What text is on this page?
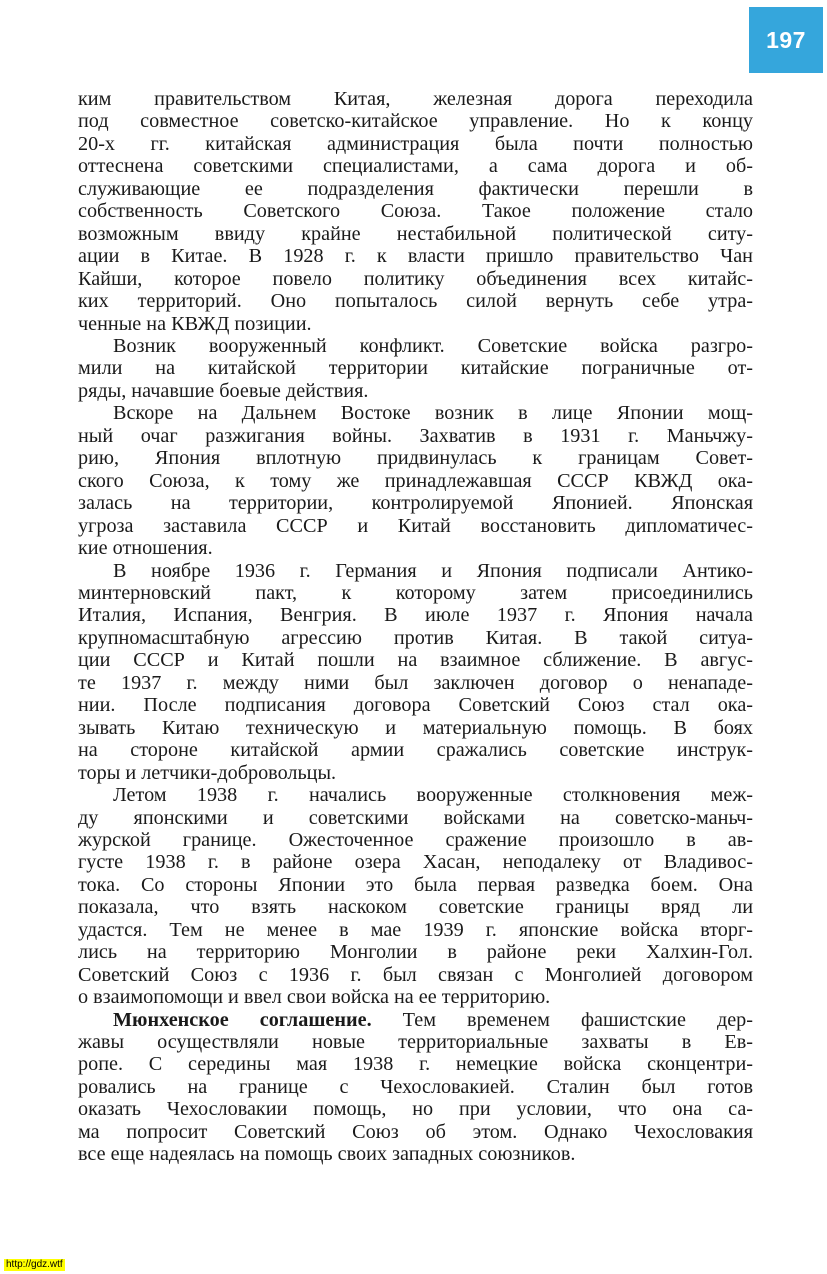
197
ким правительством Китая, железная дорога переходила
под совместное советско-китайское управление. Но к концу
20-х гг. китайская администрация была почти полностью
оттеснена советскими специалистами, а сама дорога и об-
служивающие ее подразделения фактически перешли в
собственность Советского Союза. Такое положение стало
возможным ввиду крайне нестабильной политической ситу-
ации в Китае. В 1928 г. к власти пришло правительство Чан
Кайши, которое повело политику объединения всех китайс-
ких территорий. Оно попыталось силой вернуть себе утра-
ченные на КВЖД позиции.
Возник вооруженный конфликт. Советские войска разгро-
мили на китайской территории китайские пограничные от-
ряды, начавшие боевые действия.
Вскоре на Дальнем Востоке возник в лице Японии мощ-
ный очаг разжигания войны. Захватив в 1931 г. Маньчжу-
рию, Япония вплотную придвинулась к границам Совет-
ского Союза, к тому же принадлежавшая СССР КВЖД ока-
залась на территории, контролируемой Японией. Японская
угроза заставила СССР и Китай восстановить дипломатичес-
кие отношения.
В ноябре 1936 г. Германия и Япония подписали Антико-
минтерновский пакт, к которому затем присоединились
Италия, Испания, Венгрия. В июле 1937 г. Япония начала
крупномасштабную агрессию против Китая. В такой ситуа-
ции СССР и Китай пошли на взаимное сближение. В авгус-
те 1937 г. между ними был заключен договор о ненападе-
нии. После подписания договора Советский Союз стал ока-
зывать Китаю техническую и материальную помощь. В боях
на стороне китайской армии сражались советские инструк-
торы и летчики-добровольцы.
Летом 1938 г. начались вооруженные столкновения меж-
ду японскими и советскими войсками на советско-маньч-
журской границе. Ожесточенное сражение произошло в ав-
густе 1938 г. в районе озера Хасан, неподалеку от Владивос-
тока. Со стороны Японии это была первая разведка боем. Она
показала, что взять наскоком советские границы вряд ли
удастся. Тем не менее в мае 1939 г. японские войска вторг-
лись на территорию Монголии в районе реки Халхин-Гол.
Советский Союз с 1936 г. был связан с Монголией договором
о взаимопомощи и ввел свои войска на ее территорию.
Мюнхенское соглашение. Тем временем фашистские дер-
жавы осуществляли новые территориальные захваты в Ев-
ропе. С середины мая 1938 г. немецкие войска сконцентри-
ровались на границе с Чехословакией. Сталин был готов
оказать Чехословакии помощь, но при условии, что она са-
ма попросит Советский Союз об этом. Однако Чехословакия
все еще надеялась на помощь своих западных союзников.
http://gdz.wtf
